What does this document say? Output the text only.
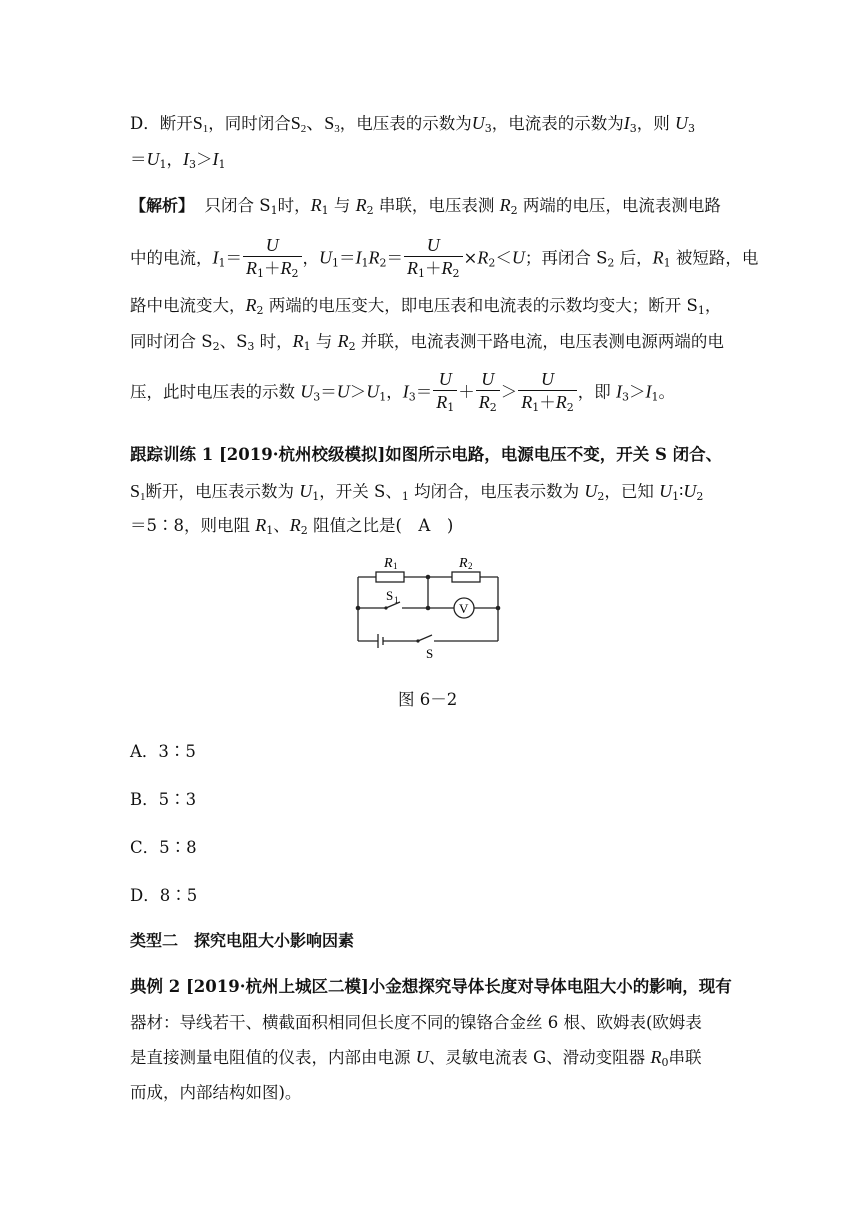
D．断开$S_1$，同时闭合$S_2$、$S_3$，电压表的示数为$U_3$，电流表的示数为$I_3$，则 $U_3$
$=U_1$，$I_3>I_1$
【解析】 只闭合 $S_1$时，$R_1$ 与 $R_2$ 串联，电压表测 $R_2$ 两端的电压，电流表测电路
中的电流，$I_1= \frac{U}{R_1+R_2}$ ，$U_1=I_1R_2= \frac{U}{R_1+R_2} \times R_2<U$；再闭合 $S_2$ 后，$R_1$ 被短路，电
路中电流变大，$R_2$ 两端的电压变大，即电压表和电流表的示数均变大；断开 $S_1$，
同时闭合 $S_2$、$S_3$ 时，$R_1$ 与 $R_2$ 并联，电流表测干路电流，电压表测电源两端的电
压，此时电压表的示数 $U_3=U>U_1$，$I_3= \frac{U}{R_1} + \frac{U}{R_2} > \frac{U}{R_1+R_2}$ ，即 $I_3>I_1$。
跟踪训练 1 [2019·杭州校级模拟]如图所示电路，电源电压不变，开关 S 闭合、
$S_1$断开，电压表示数为 $U_1$，开关 S、$_1$ 均闭合，电压表示数为 $U_2$，已知 $U_1∶U_2$
＝5∶8，则电阻 $R_1$、$R_2$ 阻值之比是(　A　)
R 1	R 2
S 1
V
S
图 6－2
A．3∶5
B．5∶3
C．5∶8
D．8∶5
类型二　探究电阻大小影响因素
典例 2 [2019·杭州上城区二模]小金想探究导体长度对导体电阻大小的影响，现有
器材：导线若干、横截面积相同但长度不同的镍铬合金丝 6 根、欧姆表(欧姆表
是直接测量电阻值的仪表，内部由电源 U、灵敏电流表 G、滑动变阻器 $R_0$串联
而成，内部结构如图)。
